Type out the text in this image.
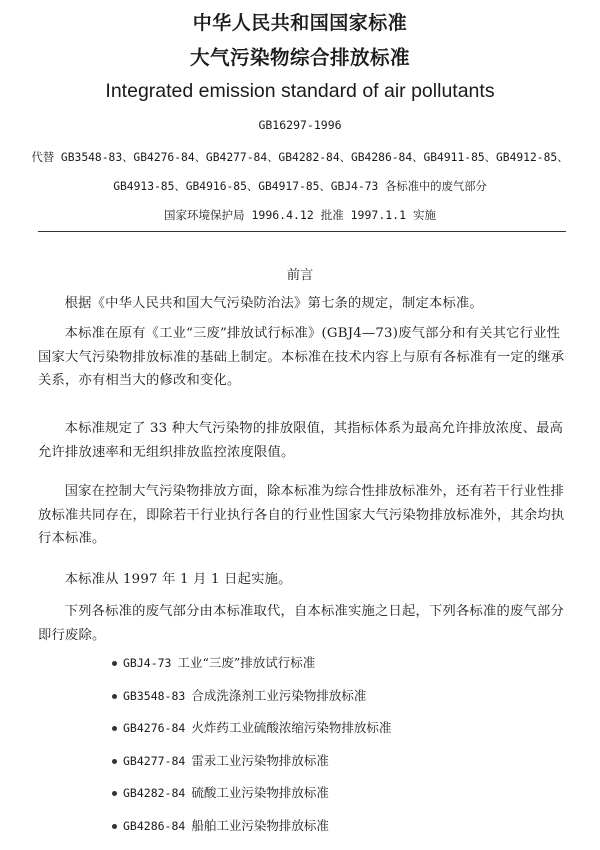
中华人民共和国国家标准
大气污染物综合排放标准
Integrated emission standard of air pollutants
GB16297-1996
代替 GB3548-83、GB4276-84、GB4277-84、GB4282-84、GB4286-84、GB4911-85、GB4912-85、
GB4913-85、GB4916-85、GB4917-85、GBJ4-73 各标准中的废气部分
国家环境保护局 1996.4.12 批准 1997.1.1 实施
前言
根据《中华人民共和国大气污染防治法》第七条的规定，制定本标准。
本标准在原有《工业“三废”排放试行标准》(GBJ4—73)废气部分和有关其它行业性国家大气污染物排放标准的基础上制定。本标准在技术内容上与原有各标准有一定的继承关系，亦有相当大的修改和变化。
本标准规定了 33 种大气污染物的排放限值，其指标体系为最高允许排放浓度、最高允许排放速率和无组织排放监控浓度限值。
国家在控制大气污染物排放方面，除本标准为综合性排放标准外，还有若干行业性排放标准共同存在，即除若干行业执行各自的行业性国家大气污染物排放标准外，其余均执行本标准。
本标准从 1997 年 1 月 1 日起实施。
下列各标准的废气部分由本标准取代，自本标准实施之日起，下列各标准的废气部分即行废除。
GBJ4-73 工业“三废”排放试行标准
GB3548-83 合成洗涤剂工业污染物排放标准
GB4276-84 火炸药工业硫酸浓缩污染物排放标准
GB4277-84 雷汞工业污染物排放标准
GB4282-84 硫酸工业污染物排放标准
GB4286-84 船舶工业污染物排放标准
